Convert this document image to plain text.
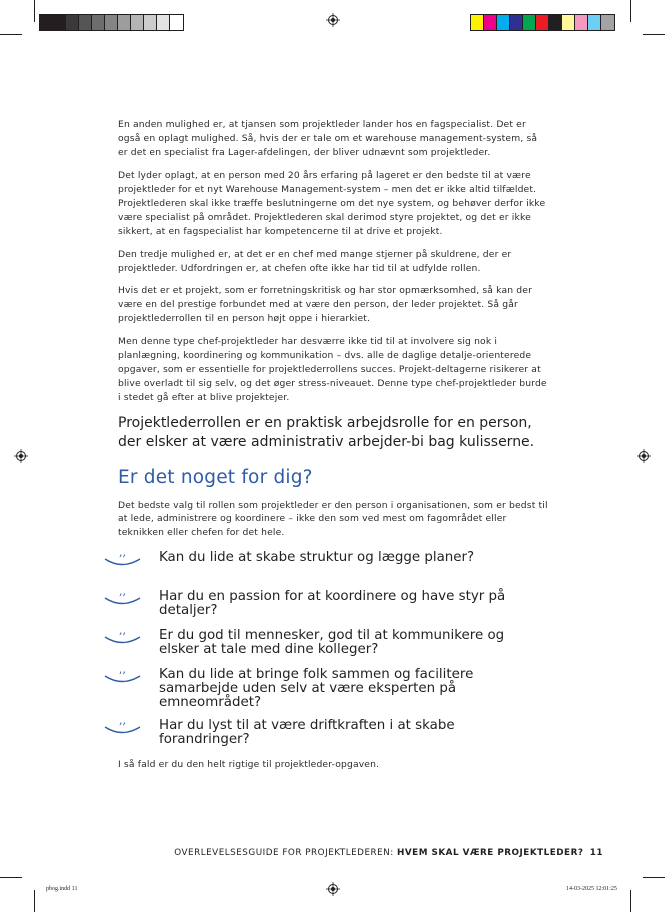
pbog.indd 11	14-03-2025 12:01:25

En anden mulighed er, at tjansen som projektleder lander hos en fagspecialist. Det er også en oplagt mulighed. Så, hvis der er tale om et warehouse management-system, så er det en specialist fra Lager-afdelingen, der bliver udnævnt som projektleder.

Det lyder oplagt, at en person med 20 års erfaring på lageret er den bedste til at være projektleder for et nyt Warehouse Management-system – men det er ikke altid tilfældet. Projektlederen skal ikke træffe beslutningerne om det nye system, og behøver derfor ikke være specialist på området. Projektlederen skal derimod styre projektet, og det er ikke sikkert, at en fagspecialist har kompetencerne til at drive et projekt.

Den tredje mulighed er, at det er en chef med mange stjerner på skuldrene, der er projektleder. Udfordringen er, at chefen ofte ikke har tid til at udfylde rollen.

Hvis det er et projekt, som er forretningskritisk og har stor opmærksomhed, så kan der være en del prestige forbundet med at være den person, der leder projektet. Så går projektlederrollen til en person højt oppe i hierarkiet.

Men denne type chef-projektleder har desværre ikke tid til at involvere sig nok i planlægning, koordinering og kommunikation – dvs. alle de daglige detalje-orienterede opgaver, som er essentielle for projektlederrollens succes. Projekt-deltagerne risikerer at blive overladt til sig selv, og det øger stress-niveauet. Denne type chef-projektleder burde i stedet gå efter at blive projektejer.

Projektlederrollen er en praktisk arbejdsrolle for en person, der elsker at være administrativ arbejder-bi bag kulisserne.

Er det noget for dig?

Det bedste valg til rollen som projektleder er den person i organisationen, som er bedst til at lede, administrere og koordinere – ikke den som ved mest om fagområdet eller teknikken eller chefen for det hele.

,, Kan du lide at skabe struktur og lægge planer?
,, Har du en passion for at koordinere og have styr på detaljer?
,, Er du god til mennesker, god til at kommunikere og elsker at tale med dine kolleger?
,, Kan du lide at bringe folk sammen og facilitere samarbejde uden selv at være eksperten på emneområdet?
,, Har du lyst til at være driftkraften i at skabe forandringer?

I så fald er du den helt rigtige til projektleder-opgaven.

OVERLEVELSESGUIDE FOR PROJEKTLEDEREN: HVEM SKAL VÆRE PROJEKTLEDER? 11
